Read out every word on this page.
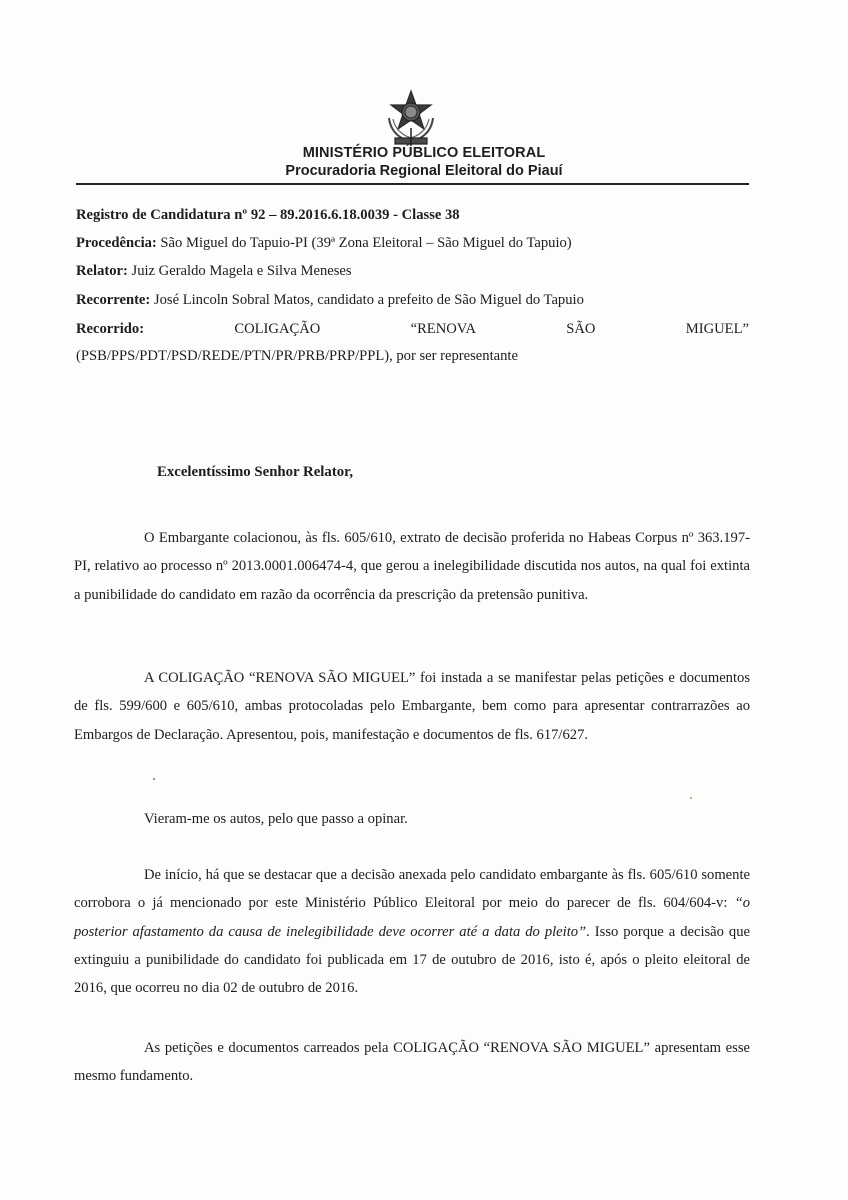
MINISTÉRIO PÚBLICO ELEITORAL
Procuradoria Regional Eleitoral do Piauí
Registro de Candidatura nº 92 – 89.2016.6.18.0039 - Classe 38
Procedência: São Miguel do Tapuio-PI (39ª Zona Eleitoral – São Miguel do Tapuio)
Relator: Juiz Geraldo Magela e Silva Meneses
Recorrente: José Lincoln Sobral Matos, candidato a prefeito de São Miguel do Tapuio
Recorrido:	COLIGAÇÃO	“RENOVA	SÃO	MIGUEL”
(PSB/PPS/PDT/PSD/REDE/PTN/PR/PRB/PRP/PPL), por ser representante
Excelentíssimo Senhor Relator,
O Embargante colacionou, às fls. 605/610, extrato de decisão proferida no Habeas Corpus nº 363.197-PI, relativo ao processo nº 2013.0001.006474-4, que gerou a inelegibilidade discutida nos autos, na qual foi extinta a punibilidade do candidato em razão da ocorrência da prescrição da pretensão punitiva.
A COLIGAÇÃO “RENOVA SÃO MIGUEL” foi instada a se manifestar pelas petições e documentos de fls. 599/600 e 605/610, ambas protocoladas pelo Embargante, bem como para apresentar contrarrazões ao Embargos de Declaração. Apresentou, pois, manifestação e documentos de fls. 617/627.
Vieram-me os autos, pelo que passo a opinar.
De início, há que se destacar que a decisão anexada pelo candidato embargante às fls. 605/610 somente corrobora o já mencionado por este Ministério Público Eleitoral por meio do parecer de fls. 604/604-v: “o posterior afastamento da causa de inelegibilidade deve ocorrer até a data do pleito”. Isso porque a decisão que extinguiu a punibilidade do candidato foi publicada em 17 de outubro de 2016, isto é, após o pleito eleitoral de 2016, que ocorreu no dia 02 de outubro de 2016.
As petições e documentos carreados pela COLIGAÇÃO “RENOVA SÃO MIGUEL” apresentam esse mesmo fundamento.
